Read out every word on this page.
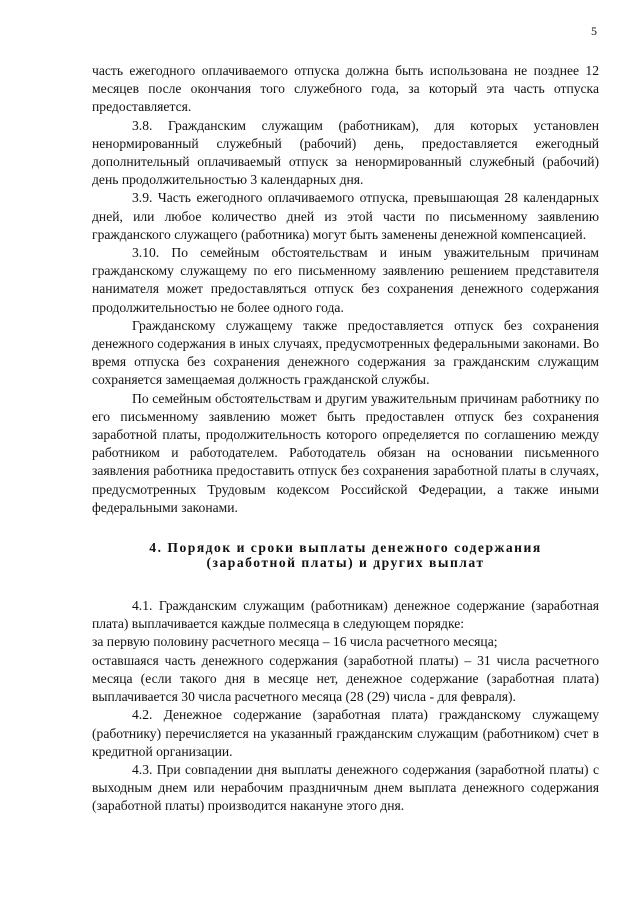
5

часть ежегодного оплачиваемого отпуска должна быть использована не позднее 12 месяцев после окончания того служебного года, за который эта часть отпуска предоставляется.

3.8. Гражданским служащим (работникам), для которых установлен ненормированный служебный (рабочий) день, предоставляется ежегодный дополнительный оплачиваемый отпуск за ненормированный служебный (рабочий) день продолжительностью 3 календарных дня.

3.9. Часть ежегодного оплачиваемого отпуска, превышающая 28 календарных дней, или любое количество дней из этой части по письменному заявлению гражданского служащего (работника) могут быть заменены денежной компенсацией.

3.10. По семейным обстоятельствам и иным уважительным причинам гражданскому служащему по его письменному заявлению решением представителя нанимателя может предоставляться отпуск без сохранения денежного содержания продолжительностью не более одного года.

Гражданскому служащему также предоставляется отпуск без сохранения денежного содержания в иных случаях, предусмотренных федеральными законами. Во время отпуска без сохранения денежного содержания за гражданским служащим сохраняется замещаемая должность гражданской службы.

По семейным обстоятельствам и другим уважительным причинам работнику по его письменному заявлению может быть предоставлен отпуск без сохранения заработной платы, продолжительность которого определяется по соглашению между работником и работодателем. Работодатель обязан на основании письменного заявления работника предоставить отпуск без сохранения заработной платы в случаях, предусмотренных Трудовым кодексом Российской Федерации, а также иными федеральными законами.

4. Порядок и сроки выплаты денежного содержания
(заработной платы) и других выплат
4.1. Гражданским служащим (работникам) денежное содержание (заработная плата) выплачивается каждые полмесяца в следующем порядке:
за первую половину расчетного месяца – 16 числа расчетного месяца;
оставшаяся часть денежного содержания (заработной платы) – 31 числа расчетного месяца (если такого дня в месяце нет, денежное содержание (заработная плата) выплачивается 30 числа расчетного месяца (28 (29) числа - для февраля).

4.2. Денежное содержание (заработная плата) гражданскому служащему (работнику) перечисляется на указанный гражданским служащим (работником) счет в кредитной организации.

4.3. При совпадении дня выплаты денежного содержания (заработной платы) с выходным днем или нерабочим праздничным днем выплата денежного содержания (заработной платы) производится накануне этого дня.
